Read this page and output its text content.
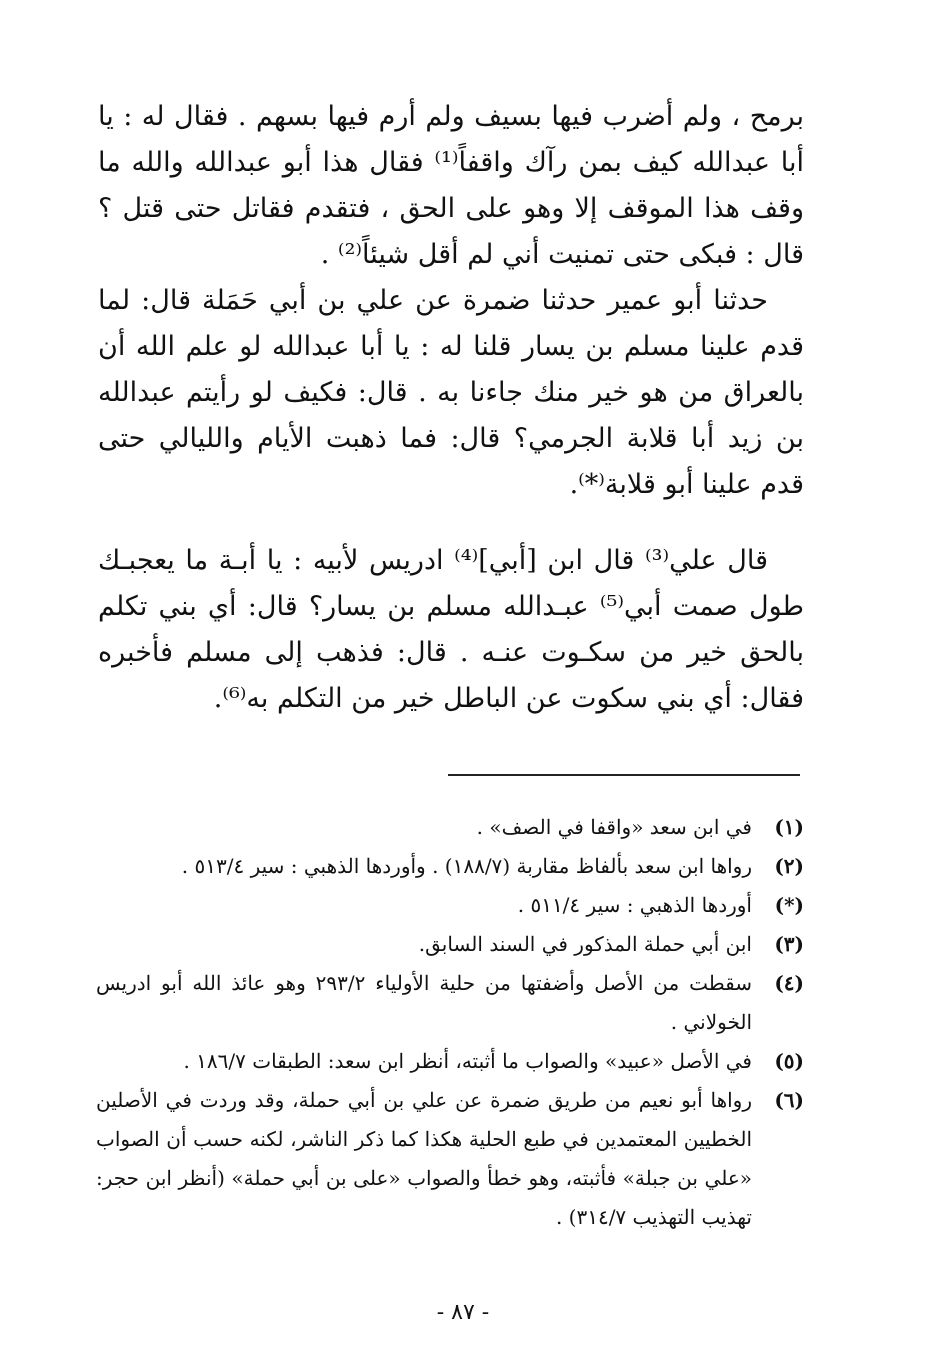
برمح ، ولم أضرب فيها بسيف ولم أرم فيها بسهم . فقال له : يا أبا عبدالله كيف بمن رآك واقفاً⁽¹⁾ فقال هذا أبو عبدالله والله ما وقف هذا الموقف إلا وهو على الحق ، فتقدم فقاتل حتى قتل ؟ قال : فبكى حتى تمنيت أني لم أقل شيئاً⁽²⁾ .

حدثنا أبو عمير حدثنا ضمرة عن علي بن أبي حَمَلة قال: لما قدم علينا مسلم بن يسار قلنا له : يا أبا عبدالله لو علم الله أن بالعراق من هو خير منك جاءنا به . قال: فكيف لو رأيتم عبدالله بن زيد أبا قلابة الجرمي؟ قال: فما ذهبت الأيام والليالي حتى قدم علينا أبو قلابة⁽*⁾.

قال علي⁽³⁾ قال ابن [أبي]⁽⁴⁾ ادريس لأبيه : يا أبـة ما يعجبـك طول صمت أبي⁽⁵⁾ عبـدالله مسلم بن يسار؟ قال: أي بني تكلم بالحق خير من سكـوت عنـه . قال: فذهب إلى مسلم فأخبره فقال: أي بني سكوت عن الباطل خير من التكلم به⁽⁶⁾.

(١)
في ابن سعد «واقفا في الصف» .
(٢)
رواها ابن سعد بألفاظ مقاربة (١٨٨/٧) . وأوردها الذهبي : سير ٥١٣/٤ .
(*)
أوردها الذهبي : سير ٥١١/٤ .
(٣)
ابن أبي حملة المذكور في السند السابق.
(٤)
سقطت من الأصل وأضفتها من حلية الأولياء ٢٩٣/٢ وهو عائذ الله أبو ادريس الخولاني .
(٥)
في الأصل «عبيد» والصواب ما أثبته، أنظر ابن سعد: الطبقات ١٨٦/٧ .
(٦)
رواها أبو نعيم من طريق ضمرة عن علي بن أبي حملة، وقد وردت في الأصلين الخطيين المعتمدين في طبع الحلية هكذا كما ذكر الناشر، لكنه حسب أن الصواب «علي بن جبلة» فأثبته، وهو خطأ والصواب «على بن أبي حملة» (أنظر ابن حجر: تهذيب التهذيب ٣١٤/٧) .
- ٨٧ -
